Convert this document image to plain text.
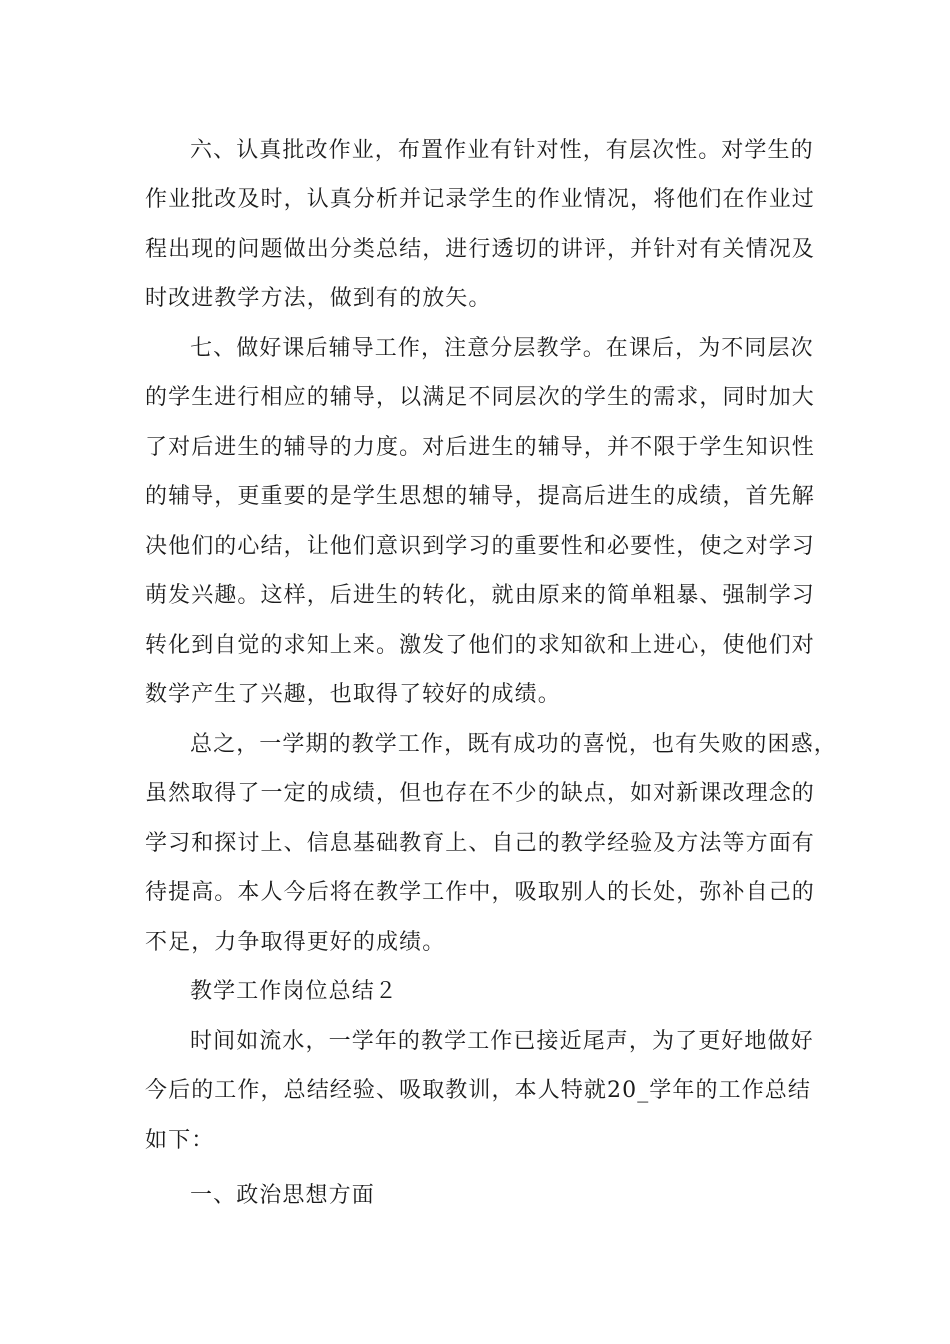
六、认真批改作业，布置作业有针对性，有层次性。对学生的

作业批改及时，认真分析并记录学生的作业情况，将他们在作业过

程出现的问题做出分类总结，进行透切的讲评，并针对有关情况及

时改进教学方法，做到有的放矢。

七、做好课后辅导工作，注意分层教学。在课后，为不同层次

的学生进行相应的辅导，以满足不同层次的学生的需求，同时加大

了对后进生的辅导的力度。对后进生的辅导，并不限于学生知识性

的辅导，更重要的是学生思想的辅导，提高后进生的成绩，首先解

决他们的心结，让他们意识到学习的重要性和必要性，使之对学习

萌发兴趣。这样，后进生的转化，就由原来的简单粗暴、强制学习

转化到自觉的求知上来。激发了他们的求知欲和上进心，使他们对

数学产生了兴趣，也取得了较好的成绩。

总之，一学期的教学工作，既有成功的喜悦，也有失败的困惑，

虽然取得了一定的成绩，但也存在不少的缺点，如对新课改理念的

学习和探讨上、信息基础教育上、自己的教学经验及方法等方面有

待提高。本人今后将在教学工作中，吸取别人的长处，弥补自己的

不足，力争取得更好的成绩。

教学工作岗位总结２

时间如流水，一学年的教学工作已接近尾声，为了更好地做好

今后的工作，总结经验、吸取教训，本人特就20_学年的工作总结

如下：

一、政治思想方面
